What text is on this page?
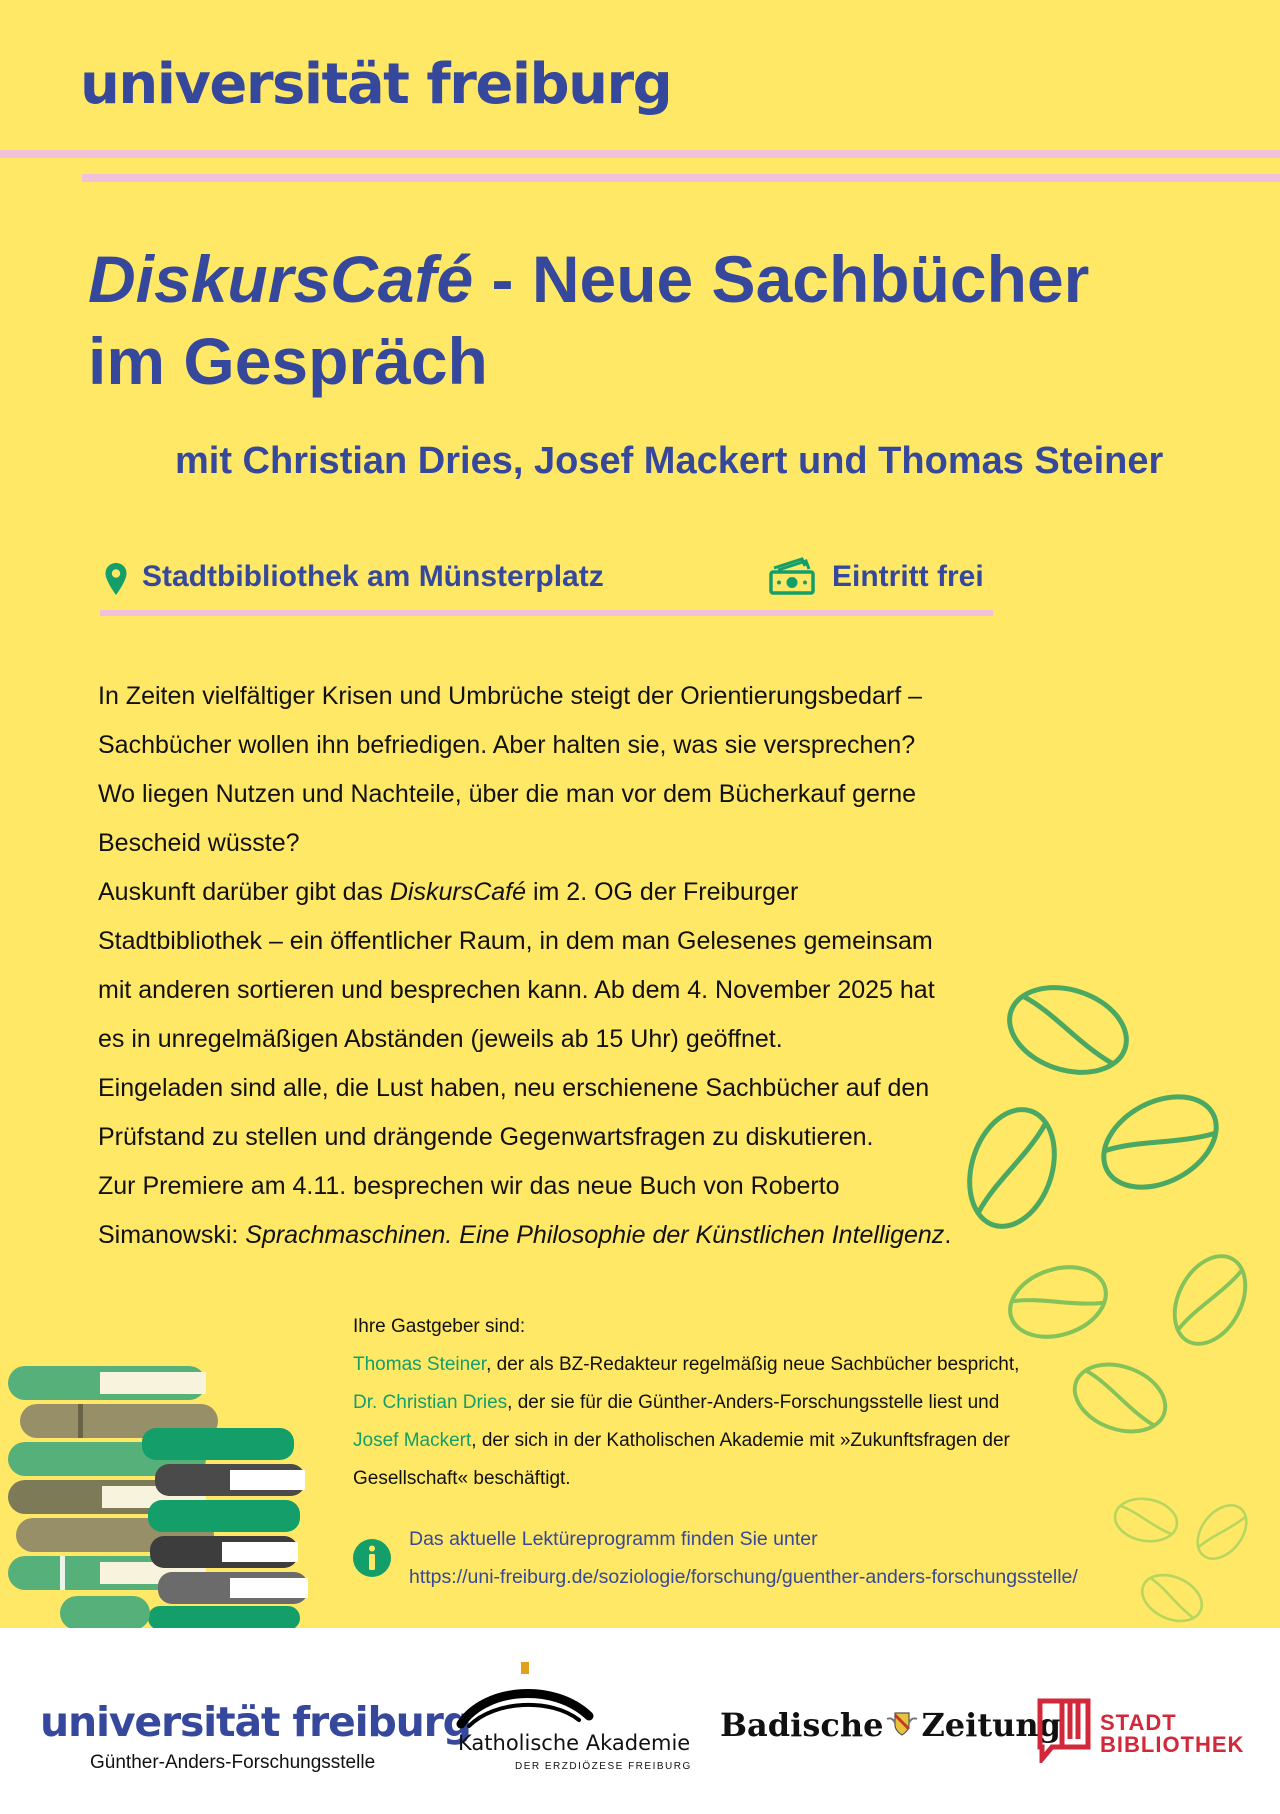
universität freiburg
DiskursCafé - Neue Sachbücher
im Gespräch
mit Christian Dries, Josef Mackert und Thomas Steiner
Stadtbibliothek am Münsterplatz	Eintritt frei

In Zeiten vielfältiger Krisen und Umbrüche steigt der Orientierungsbedarf –

Sachbücher wollen ihn befriedigen. Aber halten sie, was sie versprechen?

Wo liegen Nutzen und Nachteile, über die man vor dem Bücherkauf gerne

Bescheid wüsste?

Auskunft darüber gibt das DiskursCafé im 2. OG der Freiburger

Stadtbibliothek – ein öffentlicher Raum, in dem man Gelesenes gemeinsam

mit anderen sortieren und besprechen kann. Ab dem 4. November 2025 hat

es in unregelmäßigen Abständen (jeweils ab 15 Uhr) geöffnet.

Eingeladen sind alle, die Lust haben, neu erschienene Sachbücher auf den

Prüfstand zu stellen und drängende Gegenwartsfragen zu diskutieren.

Zur Premiere am 4.11. besprechen wir das neue Buch von Roberto

Simanowski: Sprachmaschinen. Eine Philosophie der Künstlichen Intelligenz.

Ihre Gastgeber sind:

Thomas Steiner, der als BZ-Redakteur regelmäßig neue Sachbücher bespricht,

Dr. Christian Dries, der sie für die Günther-Anders-Forschungsstelle liest und

Josef Mackert, der sich in der Katholischen Akademie mit »Zukunftsfragen der

Gesellschaft« beschäftigt.

Das aktuelle Lektüreprogramm finden Sie unter

https://uni-freiburg.de/soziologie/forschung/guenther-anders-forschungsstelle/

universität freiburg
Günther-Anders-Forschungsstelle
Katholische Akademie
DER ERZDIÖZESE FREIBURG
Badische Zeitung STADT
BIBLIOTHEK
